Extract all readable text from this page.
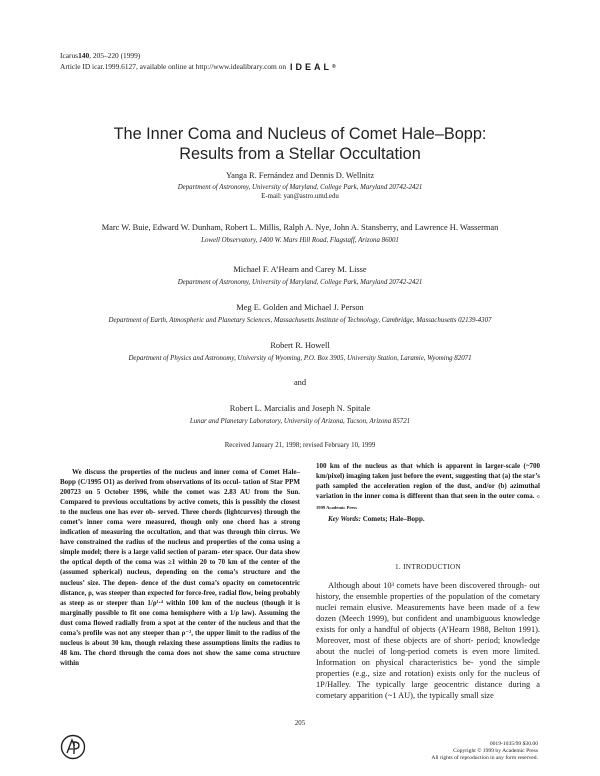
Icarus 140 , 205–220 (1999)
Article ID icar.1999.6127, available online at http://www.idealibrary.com on IDEAL ®
The Inner Coma and Nucleus of Comet Hale–Bopp:
Results from a Stellar Occultation
Yanga R. Fernández and Dennis D. Wellnitz
Department of Astronomy, University of Maryland, College Park, Maryland 20742-2421
E-mail: yan@astro.umd.edu
Marc W. Buie, Edward W. Dunham, Robert L. Millis, Ralph A. Nye, John A. Stansberry, and Lawrence H. Wasserman
Lowell Observatory, 1400 W. Mars Hill Road, Flagstaff, Arizona 86001
Michael F. A’Hearn and Carey M. Lisse
Department of Astronomy, University of Maryland, College Park, Maryland 20742-2421
Meg E. Golden and Michael J. Person
Department of Earth, Atmospheric and Planetary Sciences, Massachusetts Institute of Technology, Cambridge, Massachusetts 02139-4307
Robert R. Howell
Department of Physics and Astronomy, University of Wyoming, P.O. Box 3905, University Station, Laramie, Wyoming 82071
and
Robert L. Marcialis and Joseph N. Spitale
Lunar and Planetary Laboratory, University of Arizona, Tucson, Arizona 85721
Received January 21, 1998; revised February 10, 1999
We discuss the properties of the nucleus and inner coma of Comet Hale–Bopp (C/1995 O1) as derived from observations of its occul- tation of Star PPM 200723 on 5 October 1996, while the comet was 2.83 AU from the Sun. Compared to previous occultations by active comets, this is possibly the closest to the nucleus one has ever ob- served. Three chords (lightcurves) through the comet’s inner coma were measured, though only one chord has a strong indication of measuring the occultation, and that was through thin cirrus. We have constrained the radius of the nucleus and properties of the coma using a simple model; there is a large valid section of param- eter space. Our data show the optical depth of the coma was ≥1 within 20 to 70 km of the center of the (assumed spherical) nucleus, depending on the coma’s structure and the nucleus’ size. The depen- dence of the dust coma’s opacity on cometocentric distance, ρ, was steeper than expected for force-free, radial flow, being probably as steep as or steeper than 1/ρ¹·⁴ within 100 km of the nucleus (though it is marginally possible to fit one coma hemisphere with a 1/ρ law). Assuming the dust coma flowed radially from a spot at the center of the nucleus and that the coma’s profile was not any steeper than ρ⁻², the upper limit to the radius of the nucleus is about 30 km, though relaxing these assumptions limits the radius to 48 km. The chord through the coma does not show the same coma structure within
100 km of the nucleus as that which is apparent in larger-scale (~700 km/pixel) imaging taken just before the event, suggesting that (a) the star’s path sampled the acceleration region of the dust, and/or (b) azimuthal variation in the inner coma is different than that seen in the outer coma. © 1999 Academic Press
Key Words: Comets; Hale–Bopp.
1. INTRODUCTION

Although about 10³ comets have been discovered through- out history, the ensemble properties of the population of the cometary nuclei remain elusive. Measurements have been made of a few dozen (Meech 1999), but confident and unambiguous knowledge exists for only a handful of objects (A’Hearn 1988, Belton 1991). Moreover, most of these objects are of short- period; knowledge about the nuclei of long-period comets is even more limited. Information on physical characteristics be- yond the simple properties (e.g., size and rotation) exists only for the nucleus of 1P/Halley. The typically large geocentric distance during a cometary apparition (~1 AU), the typically small size

205
0019-1035/99 $30.00
Copyright © 1999 by Academic Press
All rights of reproduction in any form reserved.
